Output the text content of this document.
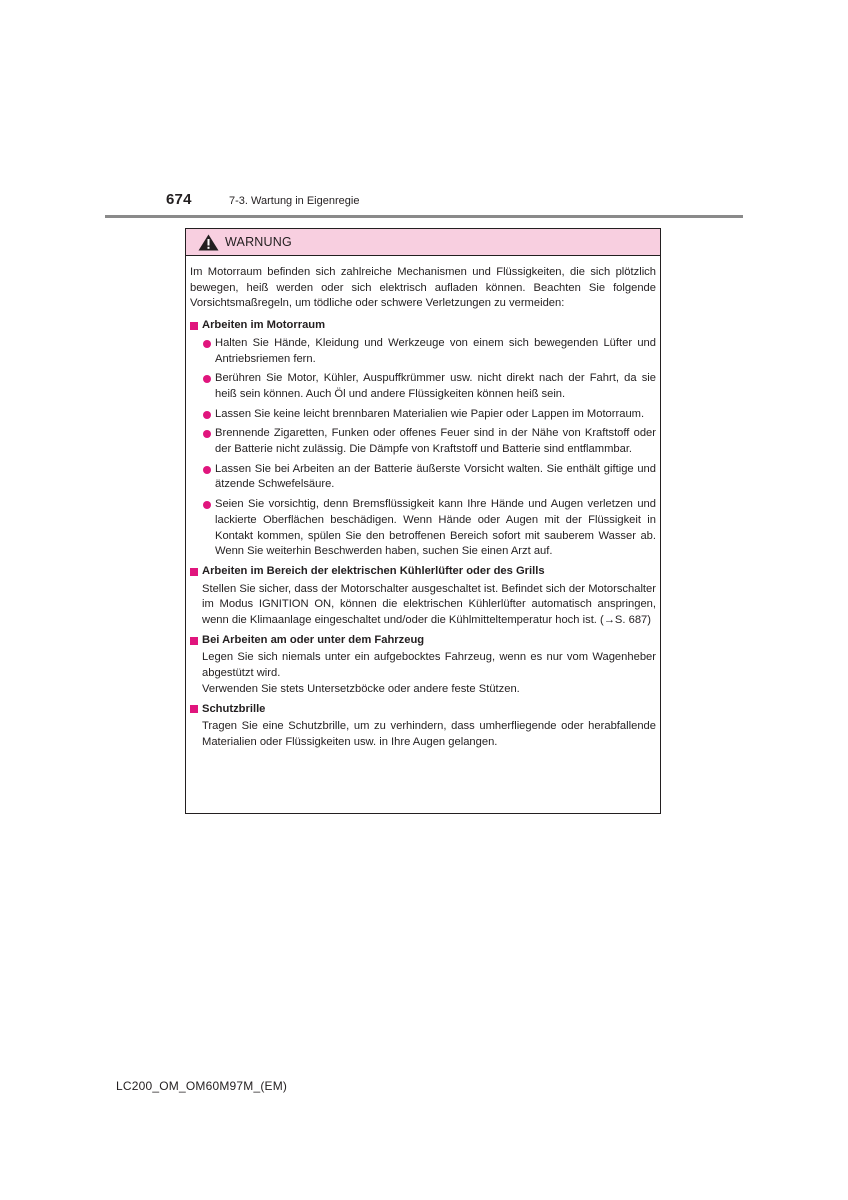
674	7-3. Wartung in Eigenregie
WARNUNG

Im Motorraum befinden sich zahlreiche Mechanismen und Flüssigkeiten, die sich plötzlich bewegen, heiß werden oder sich elektrisch aufladen können. Beachten Sie folgende Vorsichtsmaßregeln, um tödliche oder schwere Verletzungen zu vermeiden:

Arbeiten im Motorraum
Halten Sie Hände, Kleidung und Werkzeuge von einem sich bewegenden Lüfter und Antriebsriemen fern.
Berühren Sie Motor, Kühler, Auspuffkrümmer usw. nicht direkt nach der Fahrt, da sie heiß sein können. Auch Öl und andere Flüssigkeiten können heiß sein.
Lassen Sie keine leicht brennbaren Materialien wie Papier oder Lappen im Motorraum.
Brennende Zigaretten, Funken oder offenes Feuer sind in der Nähe von Kraftstoff oder der Batterie nicht zulässig. Die Dämpfe von Kraftstoff und Batterie sind entflammbar.
Lassen Sie bei Arbeiten an der Batterie äußerste Vorsicht walten. Sie enthält giftige und ätzende Schwefelsäure.
Seien Sie vorsichtig, denn Bremsflüssigkeit kann Ihre Hände und Augen verletzen und lackierte Oberflächen beschädigen. Wenn Hände oder Augen mit der Flüssigkeit in Kontakt kommen, spülen Sie den betroffenen Bereich sofort mit sauberem Wasser ab. Wenn Sie weiterhin Beschwerden haben, suchen Sie einen Arzt auf.
Arbeiten im Bereich der elektrischen Kühlerlüfter oder des Grills

Stellen Sie sicher, dass der Motorschalter ausgeschaltet ist. Befindet sich der Motorschalter im Modus IGNITION ON, können die elektrischen Kühlerlüfter automatisch anspringen, wenn die Klimaanlage eingeschaltet und/oder die Kühlmitteltemperatur hoch ist. (→S. 687)

Bei Arbeiten am oder unter dem Fahrzeug

Legen Sie sich niemals unter ein aufgebocktes Fahrzeug, wenn es nur vom Wagenheber abgestützt wird.

Verwenden Sie stets Untersetzböcke oder andere feste Stützen.

Schutzbrille

Tragen Sie eine Schutzbrille, um zu verhindern, dass umherfliegende oder herabfallende Materialien oder Flüssigkeiten usw. in Ihre Augen gelangen.

LC200_OM_OM60M97M_(EM)
